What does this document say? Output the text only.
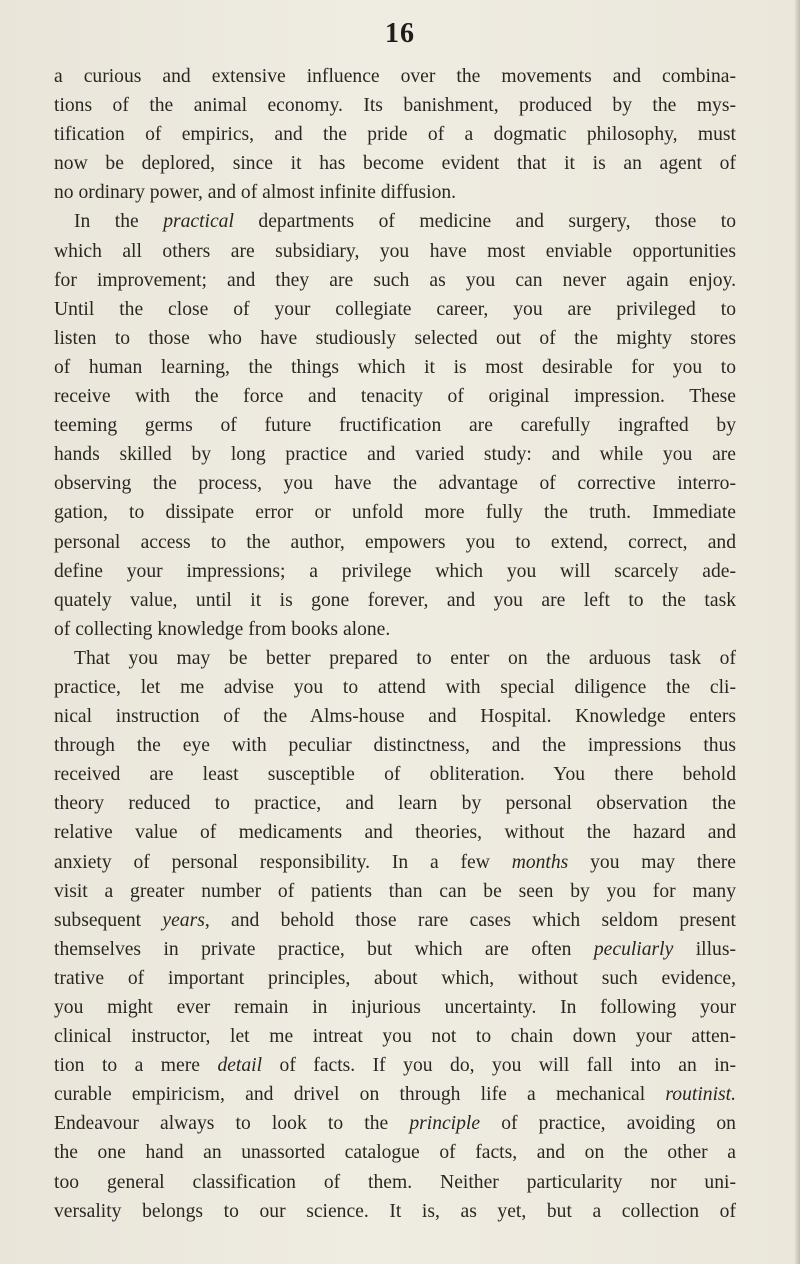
16
a curious and extensive influence over the movements and combina-
tions of the animal economy. Its banishment, produced by the mys-
tification of empirics, and the pride of a dogmatic philosophy, must
now be deplored, since it has become evident that it is an agent of
no ordinary power, and of almost infinite diffusion.
In the practical departments of medicine and surgery, those to
which all others are subsidiary, you have most enviable opportunities
for improvement; and they are such as you can never again enjoy.
Until the close of your collegiate career, you are privileged to
listen to those who have studiously selected out of the mighty stores
of human learning, the things which it is most desirable for you to
receive with the force and tenacity of original impression. These
teeming germs of future fructification are carefully ingrafted by
hands skilled by long practice and varied study: and while you are
observing the process, you have the advantage of corrective interro-
gation, to dissipate error or unfold more fully the truth. Immediate
personal access to the author, empowers you to extend, correct, and
define your impressions; a privilege which you will scarcely ade-
quately value, until it is gone forever, and you are left to the task
of collecting knowledge from books alone.
That you may be better prepared to enter on the arduous task of
practice, let me advise you to attend with special diligence the cli-
nical instruction of the Alms-house and Hospital. Knowledge enters
through the eye with peculiar distinctness, and the impressions thus
received are least susceptible of obliteration. You there behold
theory reduced to practice, and learn by personal observation the
relative value of medicaments and theories, without the hazard and
anxiety of personal responsibility. In a few months you may there
visit a greater number of patients than can be seen by you for many
subsequent years, and behold those rare cases which seldom present
themselves in private practice, but which are often peculiarly illus-
trative of important principles, about which, without such evidence,
you might ever remain in injurious uncertainty. In following your
clinical instructor, let me intreat you not to chain down your atten-
tion to a mere detail of facts. If you do, you will fall into an in-
curable empiricism, and drivel on through life a mechanical routinist.
Endeavour always to look to the principle of practice, avoiding on
the one hand an unassorted catalogue of facts, and on the other a
too general classification of them. Neither particularity nor uni-
versality belongs to our science. It is, as yet, but a collection of
